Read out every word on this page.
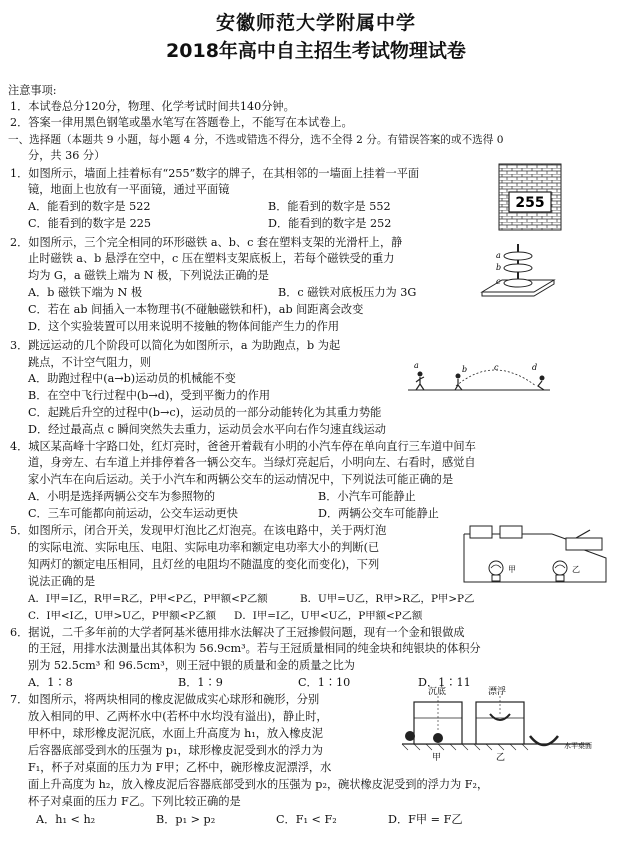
安徽师范大学附属中学
2018年高中自主招生考试物理试卷
注意事项:
1．本试卷总分120分，物理、化学考试时间共140分钟。
2．答案一律用黑色钢笔或墨水笔写在答题卷上，不能写在本试卷上。
一、选择题（本题共 9 小题，每小题 4 分，不选或错选不得分，选不全得 2 分。有错误答案的或不选得 0
分，共 36 分）
1．如图所示，墙面上挂着标有“255”数字的牌子，在其相邻的一墙面上挂着一平面
镜，地面上也放有一平面镜，通过平面镜
A．能看到的数字是 522	B．能看到的数字是 552
C．能看到的数字是 225	D．能看到的数字是 252
255
2．如图所示，三个完全相同的环形磁铁 a、b、c 套在塑料支架的光滑杆上，静
止时磁铁 a、b 悬浮在空中，c 压在塑料支架底板上，若每个磁铁受的重力
均为 G，a 磁铁上端为 N 极，下列说法正确的是
A．b 磁铁下端为 N 极	B．c 磁铁对底板压力为 3G
C．若在 ab 间插入一本物理书(不碰触磁铁和杆)，ab 间距离会改变
D．这个实验装置可以用来说明不接触的物体间能产生力的作用
a
b
c
3．跳远运动的几个阶段可以简化为如图所示，a 为助跑点，b 为起
跳点，不计空气阻力，则
A．助跑过程中(a→b)运动员的机械能不变
B．在空中飞行过程中(b→d)，受到平衡力的作用
C．起跳后升空的过程中(b→c)，运动员的一部分动能转化为其重力势能
D．经过最高点 c 瞬间突然失去重力，运动员会水平向右作匀速直线运动
a	b	c	d
4．城区某高峰十字路口处，红灯亮时，爸爸开着载有小明的小汽车停在单向直行三车道中间车
道，身旁左、右车道上并排停着各一辆公交车。当绿灯亮起后，小明向左、右看时，感觉自
家小汽车在向后运动。关于小汽车和两辆公交车的运动情况中，下列说法可能正确的是
A．小明是选择两辆公交车为参照物的	B．小汽车可能静止
C．三车可能都向前运动，公交车运动更快	D．两辆公交车可能静止
5．如图所示，闭合开关，发现甲灯泡比乙灯泡亮。在该电路中，关于两灯泡
的实际电流、实际电压、电阻、实际电功率和额定电功率大小的判断(已
知两灯的额定电压相同，且灯丝的电阻均不随温度的变化而变化)，下列
说法正确的是
A．I甲=I乙，R甲=R乙，P甲<P乙，P甲额<P乙额	B．U甲=U乙，R甲>R乙，P甲>P乙
C．I甲<I乙，U甲>U乙，P甲额<P乙额 D．I甲=I乙，U甲<U乙，P甲额<P乙额
甲	乙
6．据说，二千多年前的大学者阿基米德用排水法解决了王冠掺假问题，现有一个金和银做成
的王冠，用排水法测量出其体积为 56.9cm³。若与王冠质量相同的纯金块和纯银块的体积分
别为 52.5cm³ 和 96.5cm³，则王冠中银的质量和金的质量之比为
A．1∶8	B．1∶9	C．1∶10	D．1∶11
7．如图所示，将两块相同的橡皮泥做成实心球形和碗形，分别
放入相同的甲、乙两杯水中(若杯中水均没有溢出)，静止时，
甲杯中，球形橡皮泥沉底，水面上升高度为 h₁，放入橡皮泥
后容器底部受到水的压强为 p₁，球形橡皮泥受到水的浮力为
F₁，杯子对桌面的压力为 F甲；乙杯中，碗形橡皮泥漂浮，水
面上升高度为 h₂，放入橡皮泥后容器底部受到水的压强为 p₂，碗状橡皮泥受到的浮力为 F₂，
杯子对桌面的压力 F乙。下列比较正确的是
A．h₁ < h₂	B．p₁ > p₂	C．F₁ < F₂	D．F甲 = F乙
沉底	漂浮
甲	乙
水平桌面
